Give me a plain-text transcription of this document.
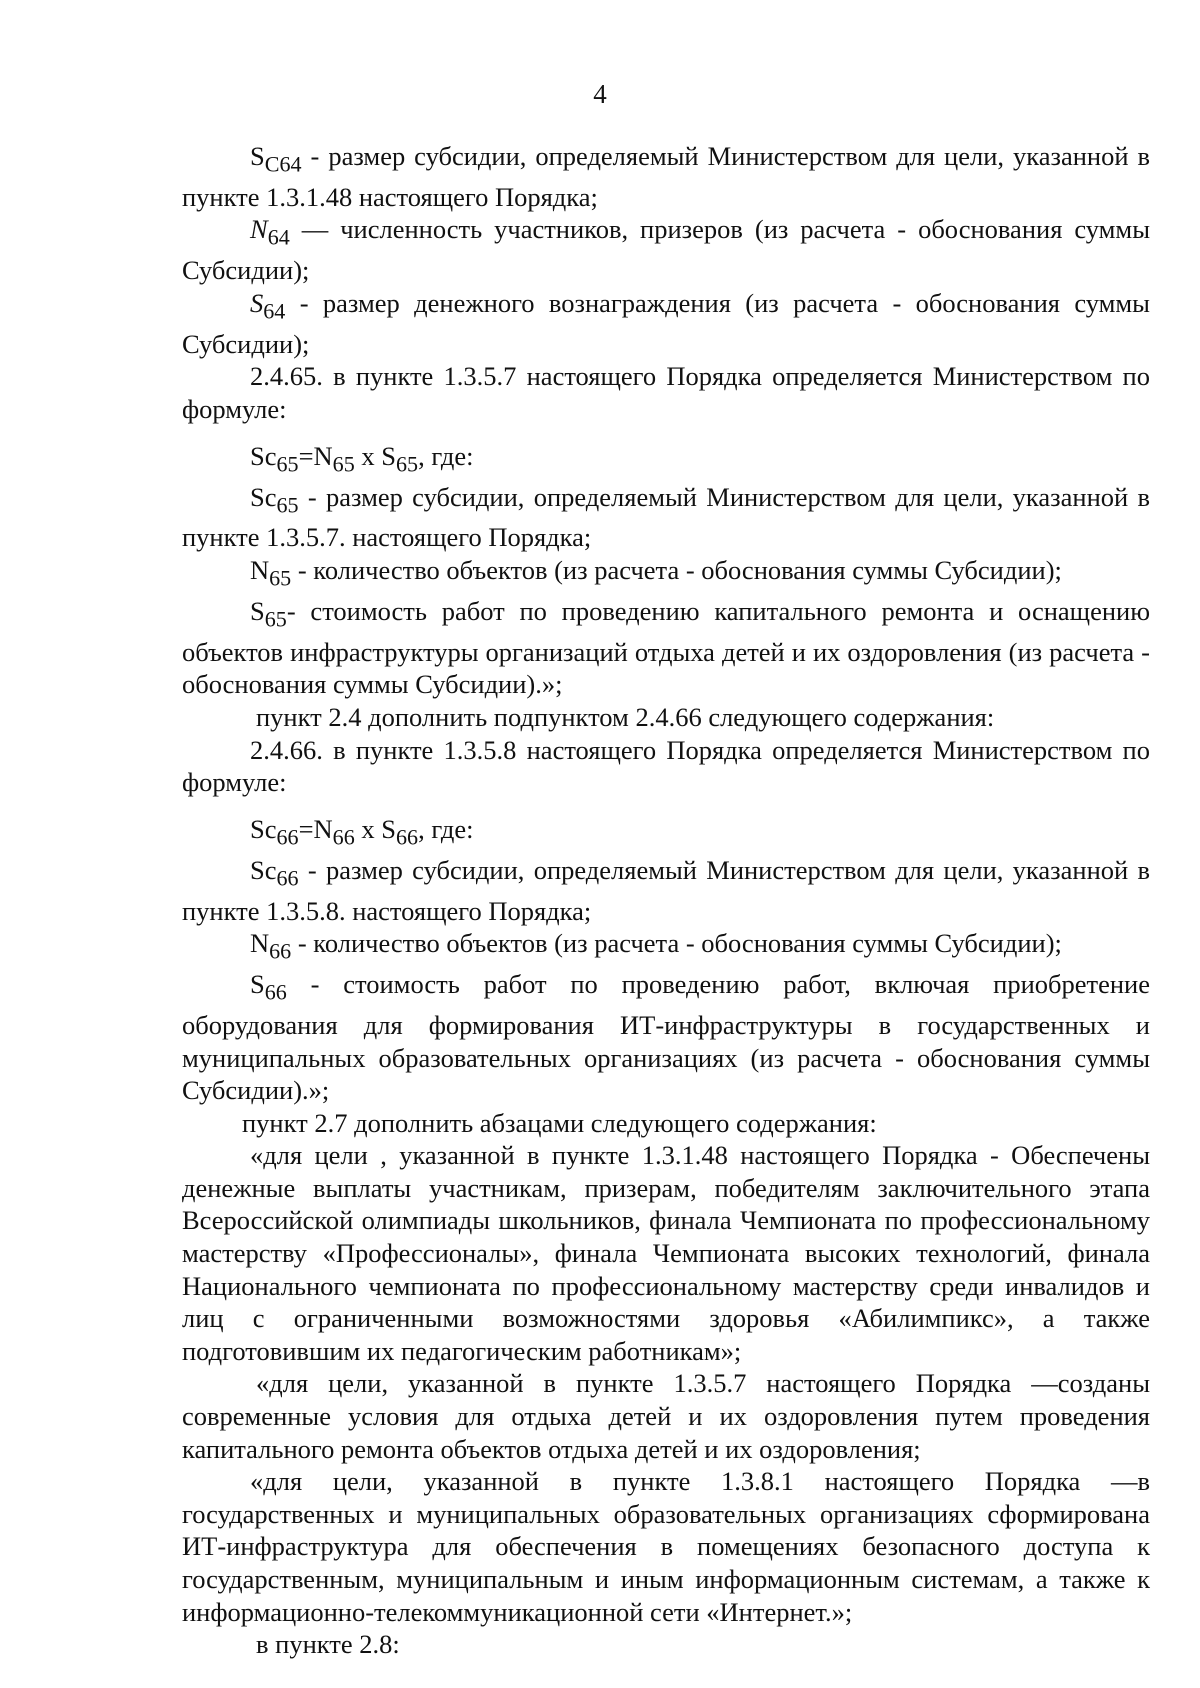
4

$S_{С64}$ - размер субсидии, определяемый Министерством для цели, указанной в пункте 1.3.1.48 настоящего Порядка;

$N_{64}$ — численность участников, призеров (из расчета - обоснования суммы Субсидии);

$S_{64}$ - размер денежного вознаграждения (из расчета - обоснования суммы Субсидии);

2.4.65. в пункте 1.3.5.7 настоящего Порядка определяется Министерством по формуле:

$Sc_{65}=N_{65}$ x $S_{65}$, где:

$Sc_{65}$ - размер субсидии, определяемый Министерством для цели, указанной в пункте 1.3.5.7. настоящего Порядка;

$N_{65}$ - количество объектов (из расчета - обоснования суммы Субсидии);

$S_{65}-$ стоимость работ по проведению капитального ремонта и оснащению объектов инфраструктуры организаций отдыха детей и их оздоровления (из расчета - обоснования суммы Субсидии).»;

пункт 2.4 дополнить подпунктом 2.4.66 следующего содержания:

2.4.66. в пункте 1.3.5.8 настоящего Порядка определяется Министерством по формуле:

$Sc_{66}=N_{66}$ x $S_{66}$, где:

$Sc_{66}$ - размер субсидии, определяемый Министерством для цели, указанной в пункте 1.3.5.8. настоящего Порядка;

$N_{66}$ - количество объектов (из расчета - обоснования суммы Субсидии);

$S_{66}$ - стоимость работ по проведению работ, включая приобретение оборудования для формирования ИТ-инфраструктуры в государственных и муниципальных образовательных организациях (из расчета - обоснования суммы Субсидии).»;

пункт 2.7 дополнить абзацами следующего содержания:

«для цели , указанной в пункте 1.3.1.48 настоящего Порядка - Обеспечены денежные выплаты участникам, призерам, победителям заключительного этапа Всероссийской олимпиады школьников, финала Чемпионата по профессиональному мастерству «Профессионалы», финала Чемпионата высоких технологий, финала Национального чемпионата по профессиональному мастерству среди инвалидов и лиц с ограниченными возможностями здоровья «Абилимпикс», а также подготовившим их педагогическим работникам»;

«для цели, указанной в пункте 1.3.5.7 настоящего Порядка —созданы современные условия для отдыха детей и их оздоровления путем проведения капитального ремонта объектов отдыха детей и их оздоровления;

«для цели, указанной в пункте 1.3.8.1 настоящего Порядка —в государственных и муниципальных образовательных организациях сформирована ИТ-инфраструктура для обеспечения в помещениях безопасного доступа к государственным, муниципальным и иным информационным системам, а также к информационно-телекоммуникационной сети «Интернет.»;

в пункте 2.8:
